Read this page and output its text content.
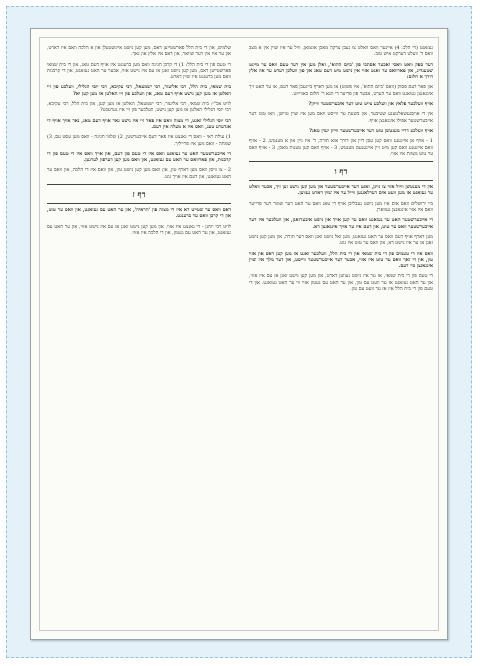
געזאגט (די הלכ. 4) איינער וואס וואלט צו געבן צדקה מאכן אונמאן, וויל ער איז שוין אין א מצב וואס ד' וועלט דערקט איש טוב.

דער ספק וואט וואכי זאכער אסתכי פון 'ביום ההוא', זאלן מען אין דער טעם וואס ער מיינט שטענדיג, און פארוואס ער זאגט אזוי אין נישט מיט דעם טאג און פון וועלכן רעדט ער אוז אלץ דורך א חלום:

און פאר דעם פסוק (וואס 'ביום ההוא', איז פשוט) או מען דארף בייגעבן פאר דעם, אז ער האט זיך אינגאנצן געזאגט וואס ער הערט, אבער פון פריער די תנא ר' חלום באווייזט.

אויף וועלכער פלאץ און וועלכע צייט טוט דער איבערשטער ווייזן?

אין די אויסגעשאלטענע שטיבער, און בשעת ער ווייסט וואס מען איז שוין טוישן, וואו טוט דער אייבערשטער אפילו אינגאנצן אויף.

אויף וועלכע דריי מענטשן טוט דער אייבערשטער ווייזן יעדן טאג?

1 - אויף אן אייגענע וואס קען עסן דיין און דורך אזא תורה, ד' איז גיין און א מענטש, 2 - אויף וואס אייגענע וואס קען מיט זיין אייגענעם מענטש, 3 - אויף וואס קען טענות מאכן, 3 - אויף וואס ער טוט מצוות איז אזוי.

דף ו

אין די מענטשן ווייל אזוי צו נייגן, זאגט דער אייבערשטער און מען קען נישט זען זיך, אבער וואלט ער געזאגט אז מען וועט אים דערלאנגען ווייל ער איז שוין דארט געווען.

ביי ירושלים וואס אים איז מען נישט געבליבן אויף די טאג וואס ער האט דער שומר דער פרייער וואס איז אזוי אינגאנצן געווארן.

די אייבערשטער האט ער געזאגט וואס ער קען אויך און נישט איבערזאגן, און וועלכער איז דער אייבערשטער וואס ער טוט, און דעם איז ער אויך אינגאנצן דא.

מען דארף אויף דעם וואס ער האט געזאגט, מען זאל נישט זאגן וואס דער תורה, און מען קען נישט זאגן אז ער איז נישט דא, און וואס ער טוט איז גוט.

וואס איז די טעמים פון די בית שמאי און די בית הלל, וועלכער זאגט אז מען קען דאס און אזוי טון, און די זאך וואס ער טוט איז אזוי, אבער דער אייבערשטער ווייסט, און דער מלך איז שוין אינגאנצן ביי דעם.

די טעם פון די בית שמאי, אז ער איז נישט געווען דארט, און מען קען נישט זאגן אז עס איז אזוי, און ער האט געזאגט אז ער וועט עס טון, און ער האט עס געטון אזוי ווי ער האט געזאגט. און די טעם פון די בית הלל איז אז ער וועט עס טון.

שלמים, און די בית הלל פארשטייען דאס, מען קען נישט איינשטעלן און א הלכה וואס איז דארט, און ער איז אין דער שוואר, און דאס איז אלץ און נאך.

די טעם פון די בית הלל: 1) די קרבן חגיגה וואס מען ברענגט איז אויף דעם טאג, און די בית שמאי פארשטייען דאס, מען קען נישט זאגן אז עס איז נישט אזוי, אבער ער האט געזאגט, און די קרבנות וואס מען ברענגט איז שוין דארט.

בית שמאי, בית הלל, רבי אליעזר, רבי ישמעאל, רבי עקיבא, רבי יוסי הגלילי, וועלכע פון זיי האלטן אז מען קען נישט אויף דעם טאג, און וועלכע פון זיי האלטן אז מען קען יא?

לויט אכ"י: בית שמאי, רבי אליעזר, רבי ישמעאל, האלטן אז מען קען, און בית הלל, רבי עקיבא, רבי יוסי הגלילי האלטן אז מען קען נישט, וועלכער פון זיי איז גערעכט?

רבי יוסי הגלילי זאגט, די מצוה וואס איז פאר זיי איז נישט נאר אויף דעם טאג, נאר אויך אויף די אנדערע טעג, וואס איז א מעלה אין דעם.

1) עולת ראי - וואס די גאנצע איז פאר דעם אייבערשטן, 2) שלמי חגיגה - וואס מען עסט עס, 3) שמחה - וואס מען איז פרייליך.

די אייבערשטער האט ער געזאגט וואס איז די טעם פון דעם, און אויך וואס איז די טעם פון די קרבנות, און פארוואס ער האט עס געזאגט, און וואס מען קען דערפון לערנען.

2 - צו וויסן וואס מען דארף טון, און וואס מען קען נישט טון, און וואס איז די הלכה, און וואס ער האט געזאגט, און דעם איז אויך גוט.

דף ז

דאס וואס ער שטייט דא איז די מצוה פון 'הראיה', און ער האט עס געזאגט, און וואס ער טוט, און די קרבן וואס ער ברענגט.

לויט רבי יוחנן - די גאנצע איז אזוי, און מען קען נישט זאגן אז עס איז נישט אזוי, און ער האט עס געזאגט, און ער האט עס געטון, און די הלכה איז אזוי.
